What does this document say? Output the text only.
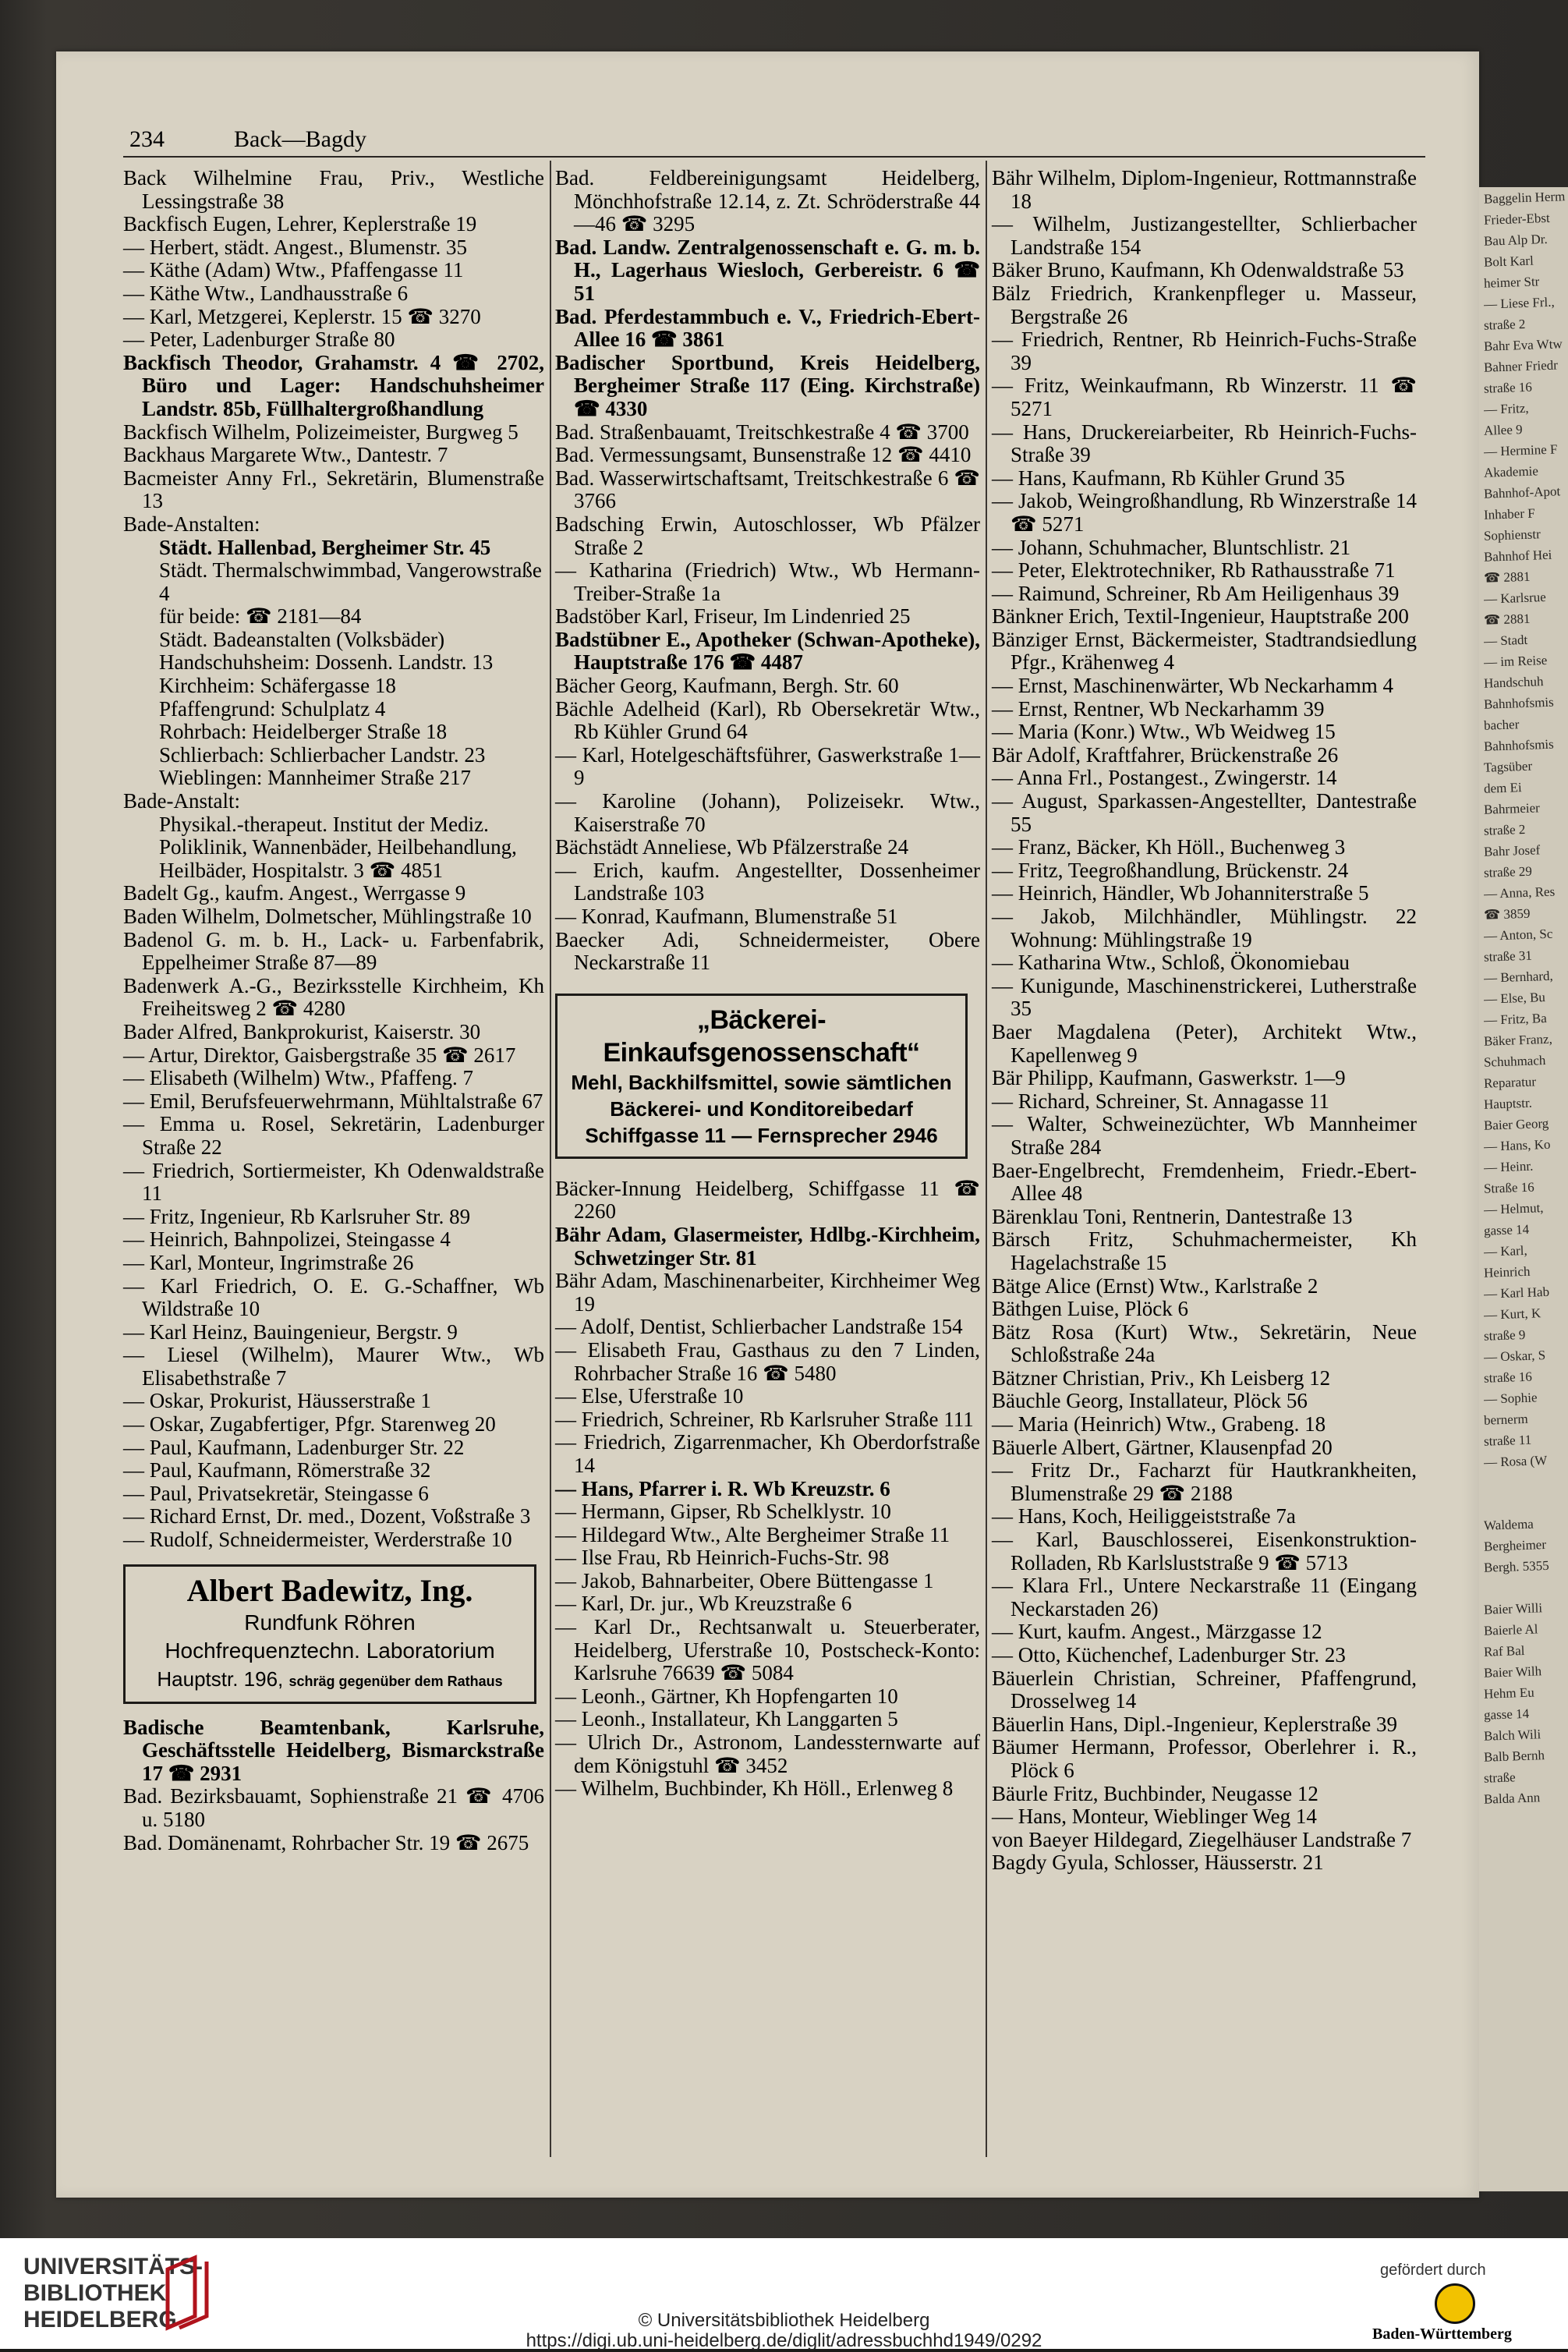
Baggelin Herm
Frieder-Ebst
Bau Alp Dr.
Bolt Karl
heimer Str
— Liese Frl.,
straße 2
Bahr Eva Wtw
Bahner Friedr
straße 16
— Fritz,
Allee 9
— Hermine F
Akademie
Bahnhof-Apot
Inhaber F
Sophienstr
Bahnhof Hei
☎ 2881
— Karlsrue
☎ 2881
— Stadt
— im Reise
Handschuh
Bahnhofsmis
bacher
Bahnhofsmis
Tagsüber
dem Ei
Bahrmeier
straße 2
Bahr Josef
straße 29
— Anna, Res
☎ 3859
— Anton, Sc
straße 31
— Bernhard,
— Else, Bu
— Fritz, Ba
Bäker Franz,
Schuhmach
Reparatur
Hauptstr.
Baier Georg
— Hans, Ko
— Heinr.
Straße 16
— Helmut,
gasse 14
— Karl,
Heinrich
— Karl Hab
— Kurt, K
straße 9
— Oskar, S
straße 16
— Sophie
bernerm
straße 11
— Rosa (W

Waldema
Bergheimer
Bergh. 5355

Baier Willi
Baierle Al
Raf Bal
Baier Wilh
Hehm Eu
gasse 14
Balch Wili
Balb Bernh
straße
Balda Ann
234	Back—Bagdy

Back Wilhelmine Frau, Priv., Westliche Lessingstraße 38

Backfisch Eugen, Lehrer, Keplerstraße 19

— Herbert, städt. Angest., Blumenstr. 35

— Käthe (Adam) Wtw., Pfaffengasse 11

— Käthe Wtw., Landhausstraße 6

— Karl, Metzgerei, Keplerstr. 15 ☎ 3270

— Peter, Ladenburger Straße 80

Backfisch Theodor, Grahamstr. 4 ☎ 2702, Büro und Lager: Handschuhsheimer Landstr. 85b, Füllhaltergroßhandlung

Backfisch Wilhelm, Polizeimeister, Burgweg 5

Backhaus Margarete Wtw., Dantestr. 7

Bacmeister Anny Frl., Sekretärin, Blumenstraße 13

Bade-Anstalten:

Städt. Hallenbad, Bergheimer Str. 45

Städt. Thermalschwimmbad, Vangerowstraße 4

für beide: ☎ 2181—84

Städt. Badeanstalten (Volksbäder)

Handschuhsheim: Dossenh. Landstr. 13

Kirchheim: Schäfergasse 18

Pfaffengrund: Schulplatz 4

Rohrbach: Heidelberger Straße 18

Schlierbach: Schlierbacher Landstr. 23

Wieblingen: Mannheimer Straße 217

Bade-Anstalt:

Physikal.-therapeut. Institut der Mediz. Poliklinik, Wannenbäder, Heilbehandlung, Heilbäder, Hospitalstr. 3 ☎ 4851

Badelt Gg., kaufm. Angest., Werrgasse 9

Baden Wilhelm, Dolmetscher, Mühlingstraße 10

Badenol G. m. b. H., Lack- u. Farbenfabrik, Eppelheimer Straße 87—89

Badenwerk A.-G., Bezirksstelle Kirchheim, Kh Freiheitsweg 2 ☎ 4280

Bader Alfred, Bankprokurist, Kaiserstr. 30

— Artur, Direktor, Gaisbergstraße 35 ☎ 2617

— Elisabeth (Wilhelm) Wtw., Pfaffeng. 7

— Emil, Berufsfeuerwehrmann, Mühltalstraße 67

— Emma u. Rosel, Sekretärin, Ladenburger Straße 22

— Friedrich, Sortiermeister, Kh Odenwaldstraße 11

— Fritz, Ingenieur, Rb Karlsruher Str. 89

— Heinrich, Bahnpolizei, Steingasse 4

— Karl, Monteur, Ingrimstraße 26

— Karl Friedrich, O. E. G.-Schaffner, Wb Wildstraße 10

— Karl Heinz, Bauingenieur, Bergstr. 9

— Liesel (Wilhelm), Maurer Wtw., Wb Elisabethstraße 7

— Oskar, Prokurist, Häusserstraße 1

— Oskar, Zugabfertiger, Pfgr. Starenweg 20

— Paul, Kaufmann, Ladenburger Str. 22

— Paul, Kaufmann, Römerstraße 32

— Paul, Privatsekretär, Steingasse 6

— Richard Ernst, Dr. med., Dozent, Voßstraße 3

— Rudolf, Schneidermeister, Werderstraße 10

Albert Badewitz, Ing.
Rundfunk Röhren
Hochfrequenztechn. Laboratorium
Hauptstr. 196, schräg gegenüber dem Rathaus

Badische Beamtenbank, Karlsruhe, Geschäftsstelle Heidelberg, Bismarckstraße 17 ☎ 2931

Bad. Bezirksbauamt, Sophienstraße 21 ☎ 4706 u. 5180

Bad. Domänenamt, Rohrbacher Str. 19 ☎ 2675

Bad. Feldbereinigungsamt Heidelberg, Mönchhofstraße 12.14, z. Zt. Schröderstraße 44—46 ☎ 3295

Bad. Landw. Zentralgenossenschaft e. G. m. b. H., Lagerhaus Wiesloch, Gerbereistr. 6 ☎ 51

Bad. Pferdestammbuch e. V., Friedrich-Ebert-Allee 16 ☎ 3861

Badischer Sportbund, Kreis Heidelberg, Bergheimer Straße 117 (Eing. Kirchstraße) ☎ 4330

Bad. Straßenbauamt, Treitschkestraße 4 ☎ 3700

Bad. Vermessungsamt, Bunsenstraße 12 ☎ 4410

Bad. Wasserwirtschaftsamt, Treitschkestraße 6 ☎ 3766

Badsching Erwin, Autoschlosser, Wb Pfälzer Straße 2

— Katharina (Friedrich) Wtw., Wb Hermann-Treiber-Straße 1a

Badstöber Karl, Friseur, Im Lindenried 25

Badstübner E., Apotheker (Schwan-Apotheke), Hauptstraße 176 ☎ 4487

Bächer Georg, Kaufmann, Bergh. Str. 60

Bächle Adelheid (Karl), Rb Obersekretär Wtw., Rb Kühler Grund 64

— Karl, Hotelgeschäftsführer, Gaswerkstraße 1—9

— Karoline (Johann), Polizeisekr. Wtw., Kaiserstraße 70

Bächstädt Anneliese, Wb Pfälzerstraße 24

— Erich, kaufm. Angestellter, Dossenheimer Landstraße 103

— Konrad, Kaufmann, Blumenstraße 51

Baecker Adi, Schneidermeister, Obere Neckarstraße 11

„Bäckerei-Einkaufsgenossenschaft“
Mehl, Backhilfsmittel, sowie sämtlichen
Bäckerei- und Konditoreibedarf
Schiffgasse 11 — Fernsprecher 2946

Bäcker-Innung Heidelberg, Schiffgasse 11 ☎ 2260

Bähr Adam, Glasermeister, Hdlbg.-Kirchheim, Schwetzinger Str. 81

Bähr Adam, Maschinenarbeiter, Kirchheimer Weg 19

— Adolf, Dentist, Schlierbacher Landstraße 154

— Elisabeth Frau, Gasthaus zu den 7 Linden, Rohrbacher Straße 16 ☎ 5480

— Else, Uferstraße 10

— Friedrich, Schreiner, Rb Karlsruher Straße 111

— Friedrich, Zigarrenmacher, Kh Oberdorfstraße 14

— Hans, Pfarrer i. R. Wb Kreuzstr. 6

— Hermann, Gipser, Rb Schelklystr. 10

— Hildegard Wtw., Alte Bergheimer Straße 11

— Ilse Frau, Rb Heinrich-Fuchs-Str. 98

— Jakob, Bahnarbeiter, Obere Büttengasse 1

— Karl, Dr. jur., Wb Kreuzstraße 6

— Karl Dr., Rechtsanwalt u. Steuerberater, Heidelberg, Uferstraße 10, Postscheck-Konto: Karlsruhe 76639 ☎ 5084

— Leonh., Gärtner, Kh Hopfengarten 10

— Leonh., Installateur, Kh Langgarten 5

— Ulrich Dr., Astronom, Landessternwarte auf dem Königstuhl ☎ 3452

— Wilhelm, Buchbinder, Kh Höll., Erlenweg 8

Bähr Wilhelm, Diplom-Ingenieur, Rottmannstraße 18

— Wilhelm, Justizangestellter, Schlierbacher Landstraße 154

Bäker Bruno, Kaufmann, Kh Odenwaldstraße 53

Bälz Friedrich, Krankenpfleger u. Masseur, Bergstraße 26

— Friedrich, Rentner, Rb Heinrich-Fuchs-Straße 39

— Fritz, Weinkaufmann, Rb Winzerstr. 11 ☎ 5271

— Hans, Druckereiarbeiter, Rb Heinrich-Fuchs-Straße 39

— Hans, Kaufmann, Rb Kühler Grund 35

— Jakob, Weingroßhandlung, Rb Winzerstraße 14 ☎ 5271

— Johann, Schuhmacher, Bluntschlistr. 21

— Peter, Elektrotechniker, Rb Rathausstraße 71

— Raimund, Schreiner, Rb Am Heiligenhaus 39

Bänkner Erich, Textil-Ingenieur, Hauptstraße 200

Bänziger Ernst, Bäckermeister, Stadtrandsiedlung Pfgr., Krähenweg 4

— Ernst, Maschinenwärter, Wb Neckarhamm 4

— Ernst, Rentner, Wb Neckarhamm 39

— Maria (Konr.) Wtw., Wb Weidweg 15

Bär Adolf, Kraftfahrer, Brückenstraße 26

— Anna Frl., Postangest., Zwingerstr. 14

— August, Sparkassen-Angestellter, Dantestraße 55

— Franz, Bäcker, Kh Höll., Buchenweg 3

— Fritz, Teegroßhandlung, Brückenstr. 24

— Heinrich, Händler, Wb Johanniterstraße 5

— Jakob, Milchhändler, Mühlingstr. 22 Wohnung: Mühlingstraße 19

— Katharina Wtw., Schloß, Ökonomiebau

— Kunigunde, Maschinenstrickerei, Lutherstraße 35

Baer Magdalena (Peter), Architekt Wtw., Kapellenweg 9

Bär Philipp, Kaufmann, Gaswerkstr. 1—9

— Richard, Schreiner, St. Annagasse 11

— Walter, Schweinezüchter, Wb Mannheimer Straße 284

Baer-Engelbrecht, Fremdenheim, Friedr.-Ebert-Allee 48

Bärenklau Toni, Rentnerin, Dantestraße 13

Bärsch Fritz, Schuhmachermeister, Kh Hagelachstraße 15

Bätge Alice (Ernst) Wtw., Karlstraße 2

Bäthgen Luise, Plöck 6

Bätz Rosa (Kurt) Wtw., Sekretärin, Neue Schloßstraße 24a

Bätzner Christian, Priv., Kh Leisberg 12

Bäuchle Georg, Installateur, Plöck 56

— Maria (Heinrich) Wtw., Grabeng. 18

Bäuerle Albert, Gärtner, Klausenpfad 20

— Fritz Dr., Facharzt für Hautkrankheiten, Blumenstraße 29 ☎ 2188

— Hans, Koch, Heiliggeiststraße 7a

— Karl, Bauschlosserei, Eisenkonstruktion-Rolladen, Rb Karlsluststraße 9 ☎ 5713

— Klara Frl., Untere Neckarstraße 11 (Eingang Neckarstaden 26)

— Kurt, kaufm. Angest., Märzgasse 12

— Otto, Küchenchef, Ladenburger Str. 23

Bäuerlein Christian, Schreiner, Pfaffengrund, Drosselweg 14

Bäuerlin Hans, Dipl.-Ingenieur, Keplerstraße 39

Bäumer Hermann, Professor, Oberlehrer i. R., Plöck 6

Bäurle Fritz, Buchbinder, Neugasse 12

— Hans, Monteur, Wieblinger Weg 14

von Baeyer Hildegard, Ziegelhäuser Landstraße 7

Bagdy Gyula, Schlosser, Häusserstr. 21

UNIVERSITÄTS-
BIBLIOTHEK
HEIDELBERG
gefördert durch
Baden-Württemberg
© Universitätsbibliothek Heidelberg
https://digi.ub.uni-heidelberg.de/diglit/adressbuchhd1949/0292
